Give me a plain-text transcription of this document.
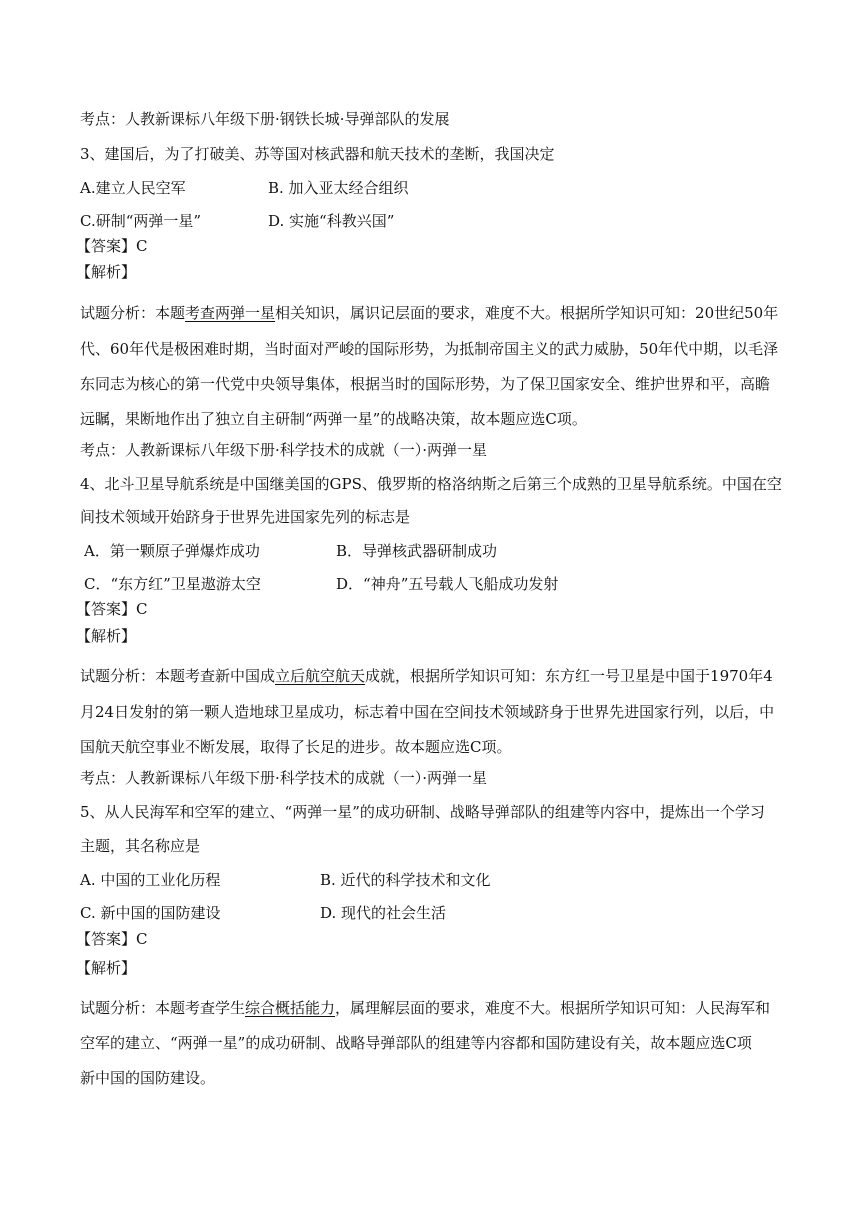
考点：人教新课标八年级下册·钢铁长城·导弹部队的发展
3、建国后，为了打破美、苏等国对核武器和航天技术的垄断，我国决定
A.建立人民空军	B. 加入亚太经合组织
C.研制“两弹一星”	D. 实施“科教兴国”
【答案】C
【解析】
试题分析：本题考查两弹一星相关知识，属识记层面的要求，难度不大。根据所学知识可知：20世纪50年
代、60年代是极困难时期，当时面对严峻的国际形势，为抵制帝国主义的武力威胁，50年代中期，以毛泽
东同志为核心的第一代党中央领导集体，根据当时的国际形势，为了保卫国家安全、维护世界和平，高瞻
远瞩，果断地作出了独立自主研制“两弹一星”的战略决策，故本题应选C项。
考点：人教新课标八年级下册·科学技术的成就（一）·两弹一星
4、北斗卫星导航系统是中国继美国的GPS、俄罗斯的格洛纳斯之后第三个成熟的卫星导航系统。中国在空
间技术领域开始跻身于世界先进国家先列的标志是
A．第一颗原子弹爆炸成功	B．导弹核武器研制成功
C．“东方红”卫星遨游太空	D．“神舟”五号载人飞船成功发射
【答案】C
【解析】
试题分析：本题考查新中国成立后航空航天成就，根据所学知识可知：东方红一号卫星是中国于1970年4
月24日发射的第一颗人造地球卫星成功，标志着中国在空间技术领域跻身于世界先进国家行列，以后，中
国航天航空事业不断发展，取得了长足的进步。故本题应选C项。
考点：人教新课标八年级下册·科学技术的成就（一）·两弹一星
5、从人民海军和空军的建立、“两弹一星”的成功研制、战略导弹部队的组建等内容中，提炼出一个学习
主题，其名称应是
A. 中国的工业化历程	B. 近代的科学技术和文化
C. 新中国的国防建设	D. 现代的社会生活
【答案】C
【解析】
试题分析：本题考查学生综合概括能力，属理解层面的要求，难度不大。根据所学知识可知：人民海军和
空军的建立、“两弹一星”的成功研制、战略导弹部队的组建等内容都和国防建设有关，故本题应选C项
新中国的国防建设。
